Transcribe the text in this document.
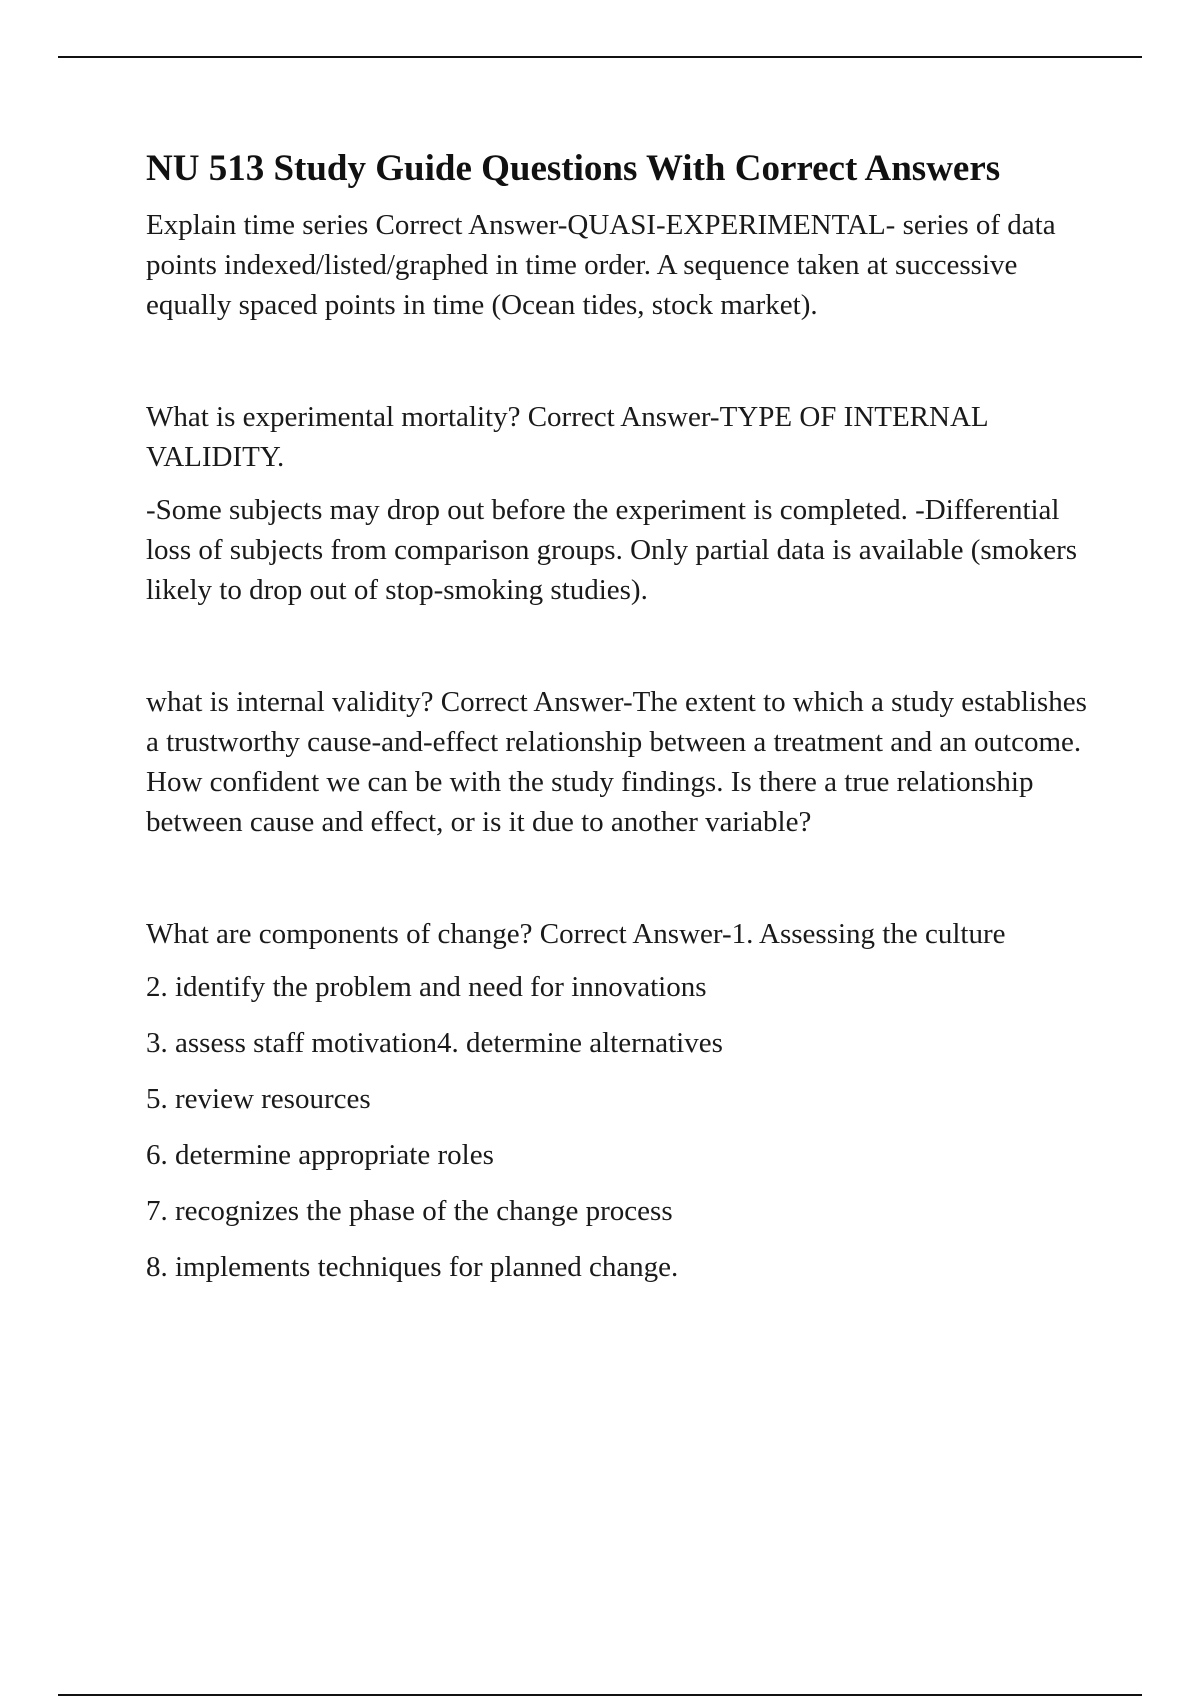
NU 513 Study Guide Questions With Correct Answers

Explain time series Correct Answer-QUASI-EXPERIMENTAL- series of data points indexed/listed/graphed in time order. A sequence taken at successive equally spaced points in time (Ocean tides, stock market).

What is experimental mortality? Correct Answer-TYPE OF INTERNAL VALIDITY.

-Some subjects may drop out before the experiment is completed. -Differential loss of subjects from comparison groups. Only partial data is available (smokers likely to drop out of stop-smoking studies).

what is internal validity? Correct Answer-The extent to which a study establishes a trustworthy cause-and-effect relationship between a treatment and an outcome. How confident we can be with the study findings. Is there a true relationship between cause and effect, or is it due to another variable?

What are components of change? Correct Answer-1. Assessing the culture

2. identify the problem and need for innovations

3. assess staff motivation4. determine alternatives

5. review resources

6. determine appropriate roles

7. recognizes the phase of the change process

8. implements techniques for planned change.
